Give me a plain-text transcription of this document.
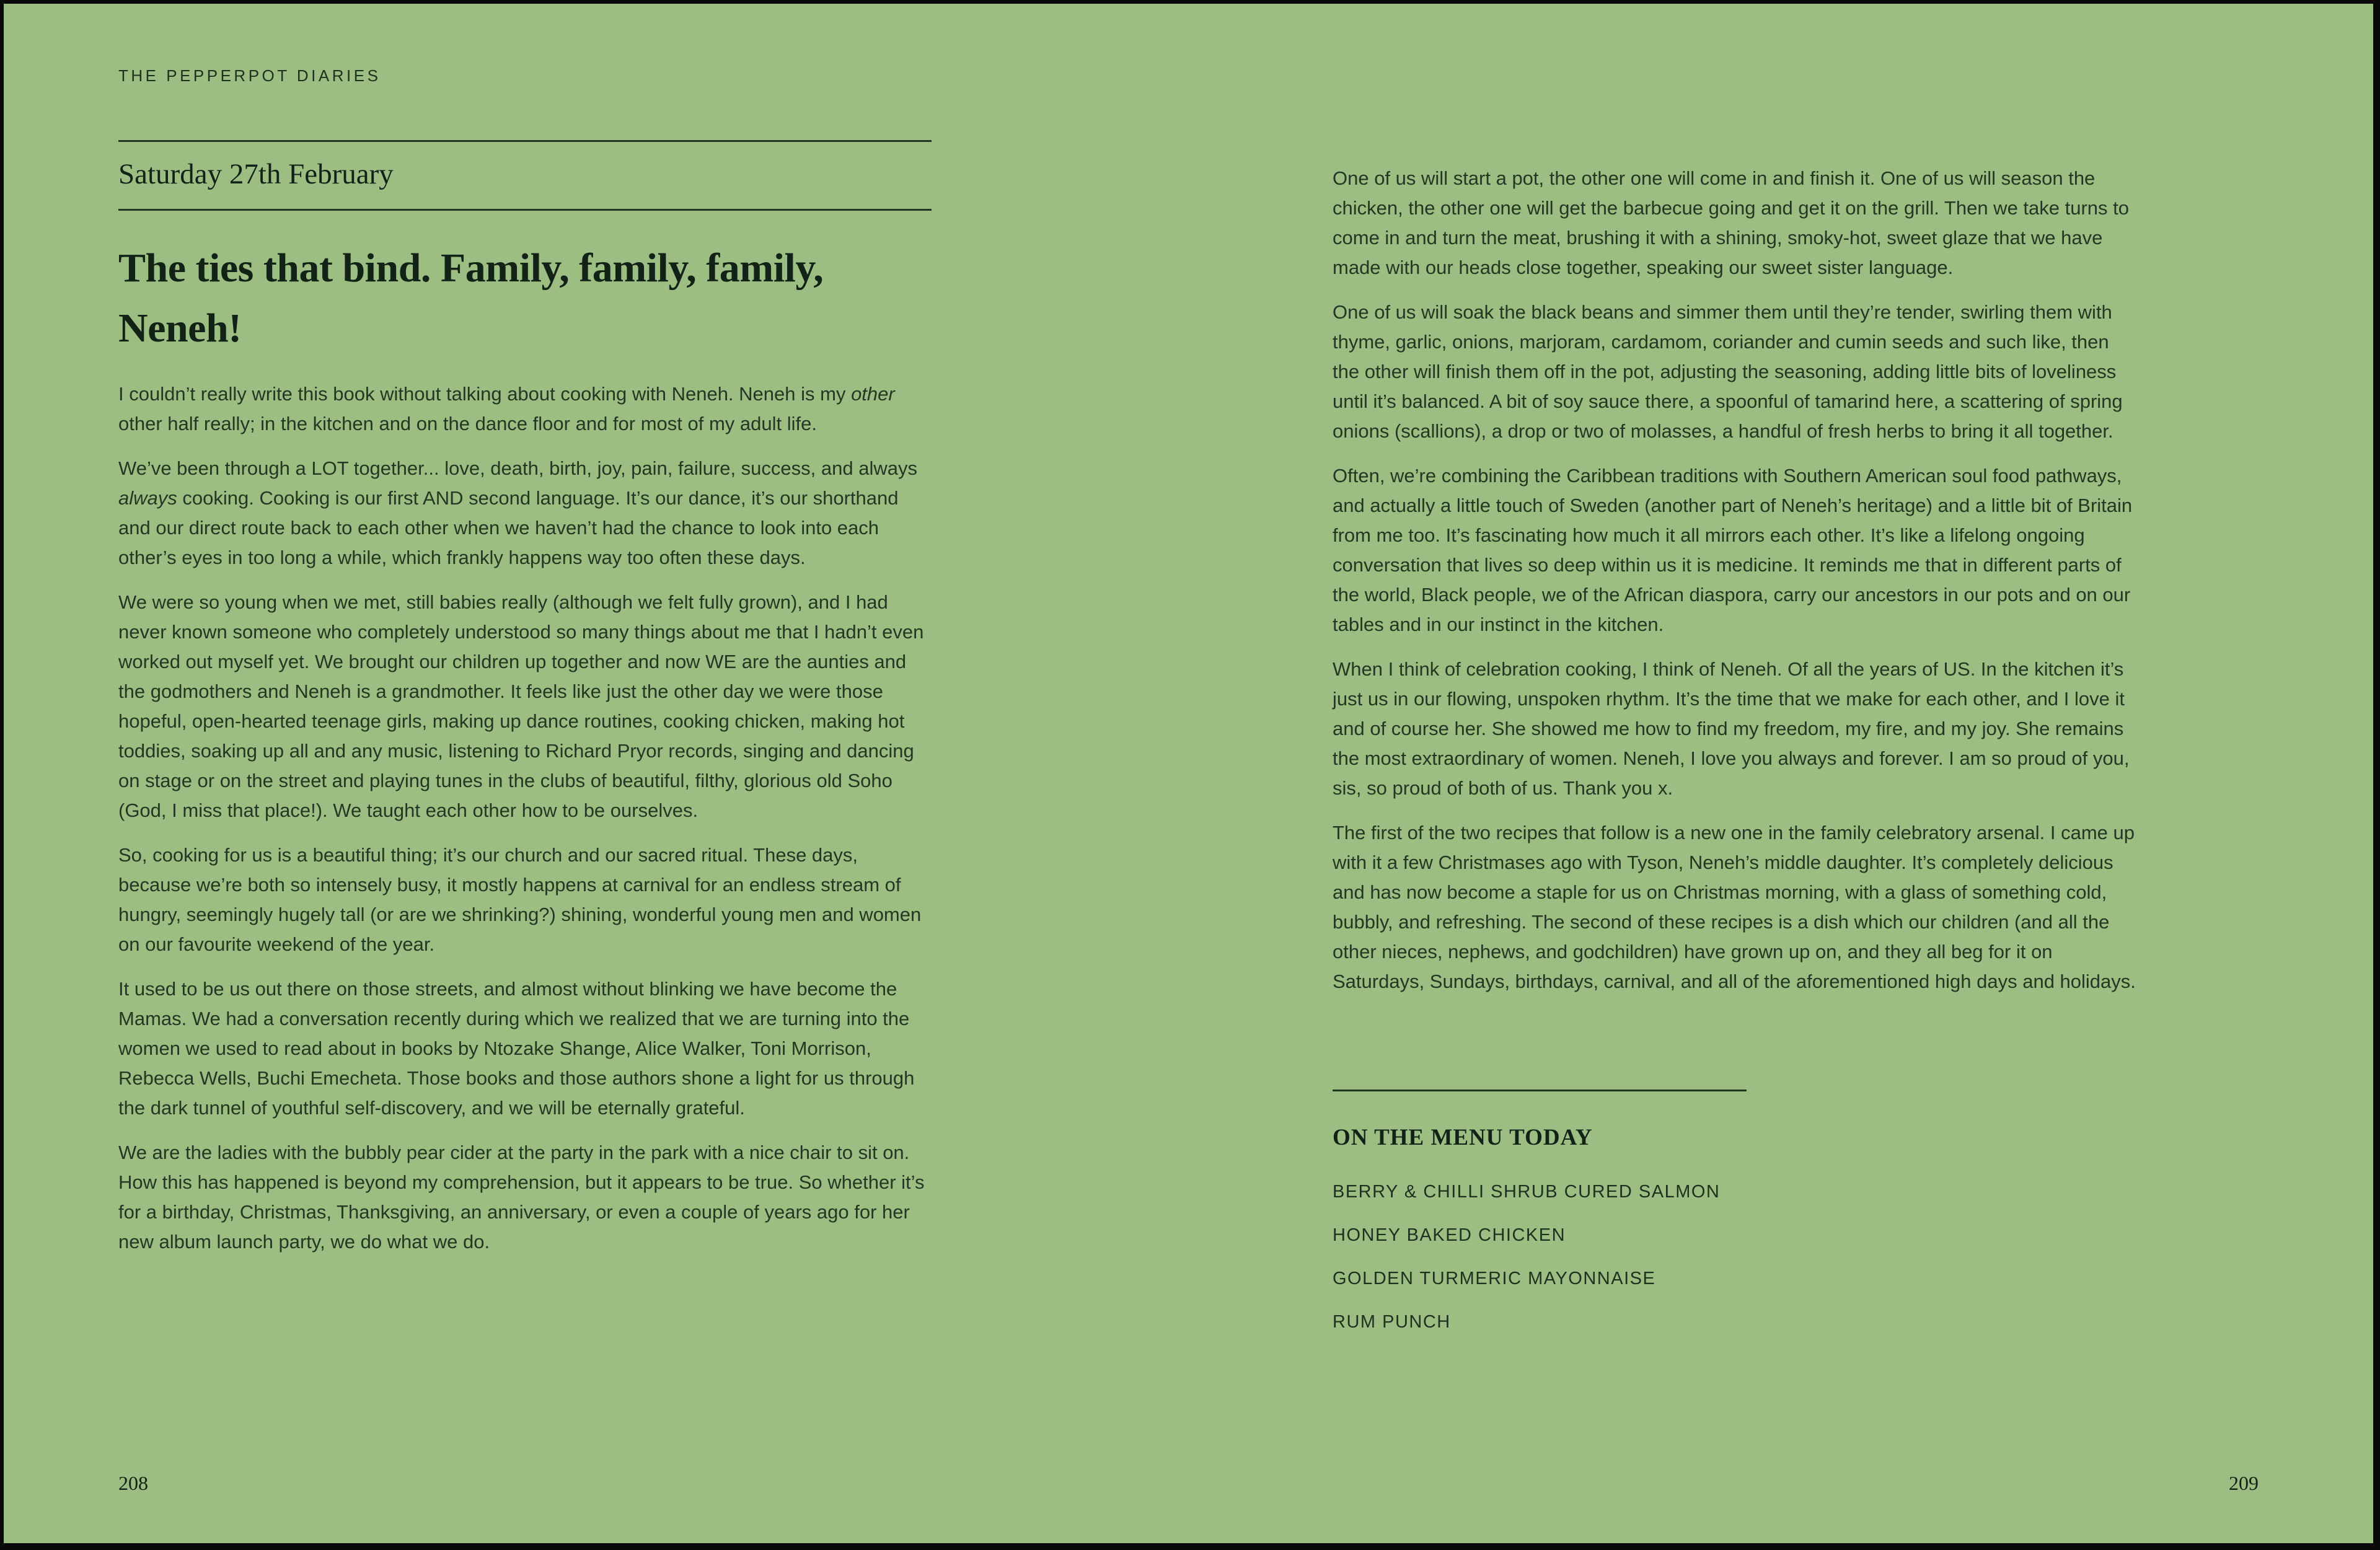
THE PEPPERPOT DIARIES
Saturday 27th February
The ties that bind. Family, family, family,
Neneh!

I couldn’t really write this book without talking about cooking with Neneh. Neneh is my other other half really; in the kitchen and on the dance floor and for most of my adult life.

We’ve been through a LOT together... love, death, birth, joy, pain, failure, success, and always always cooking. Cooking is our first AND second language. It’s our dance, it’s our shorthand and our direct route back to each other when we haven’t had the chance to look into each other’s eyes in too long a while, which frankly happens way too often these days.

We were so young when we met, still babies really (although we felt fully grown), and I had never known someone who completely understood so many things about me that I hadn’t even worked out myself yet. We brought our children up together and now WE are the aunties and the godmothers and Neneh is a grandmother. It feels like just the other day we were those hopeful, open-hearted teenage girls, making up dance routines, cooking chicken, making hot toddies, soaking up all and any music, listening to Richard Pryor records, singing and dancing on stage or on the street and playing tunes in the clubs of beautiful, filthy, glorious old Soho (God, I miss that place!). We taught each other how to be ourselves.

So, cooking for us is a beautiful thing; it’s our church and our sacred ritual. These days, because we’re both so intensely busy, it mostly happens at carnival for an endless stream of hungry, seemingly hugely tall (or are we shrinking?) shining, wonderful young men and women on our favourite weekend of the year.

It used to be us out there on those streets, and almost without blinking we have become the Mamas. We had a conversation recently during which we realized that we are turning into the women we used to read about in books by Ntozake Shange, Alice Walker, Toni Morrison, Rebecca Wells, Buchi Emecheta. Those books and those authors shone a light for us through the dark tunnel of youthful self-discovery, and we will be eternally grateful.

We are the ladies with the bubbly pear cider at the party in the park with a nice chair to sit on. How this has happened is beyond my comprehension, but it appears to be true. So whether it’s for a birthday, Christmas, Thanksgiving, an anniversary, or even a couple of years ago for her new album launch party, we do what we do.

One of us will start a pot, the other one will come in and finish it. One of us will season the chicken, the other one will get the barbecue going and get it on the grill. Then we take turns to come in and turn the meat, brushing it with a shining, smoky-hot, sweet glaze that we have made with our heads close together, speaking our sweet sister language.

One of us will soak the black beans and simmer them until they’re tender, swirling them with thyme, garlic, onions, marjoram, cardamom, coriander and cumin seeds and such like, then the other will finish them off in the pot, adjusting the seasoning, adding little bits of loveliness until it’s balanced. A bit of soy sauce there, a spoonful of tamarind here, a scattering of spring onions (scallions), a drop or two of molasses, a handful of fresh herbs to bring it all together.

Often, we’re combining the Caribbean traditions with Southern American soul food pathways, and actually a little touch of Sweden (another part of Neneh’s heritage) and a little bit of Britain from me too. It’s fascinating how much it all mirrors each other. It’s like a lifelong ongoing conversation that lives so deep within us it is medicine. It reminds me that in different parts of the world, Black people, we of the African diaspora, carry our ancestors in our pots and on our tables and in our instinct in the kitchen.

When I think of celebration cooking, I think of Neneh. Of all the years of US. In the kitchen it’s just us in our flowing, unspoken rhythm. It’s the time that we make for each other, and I love it and of course her. She showed me how to find my freedom, my fire, and my joy. She remains the most extraordinary of women. Neneh, I love you always and forever. I am so proud of you, sis, so proud of both of us. Thank you x.

The first of the two recipes that follow is a new one in the family celebratory arsenal. I came up with it a few Christmases ago with Tyson, Neneh’s middle daughter. It’s completely delicious and has now become a staple for us on Christmas morning, with a glass of something cold, bubbly, and refreshing. The second of these recipes is a dish which our children (and all the other nieces, nephews, and godchildren) have grown up on, and they all beg for it on Saturdays, Sundays, birthdays, carnival, and all of the aforementioned high days and holidays.

ON THE MENU TODAY
BERRY & CHILLI SHRUB CURED SALMON
HONEY BAKED CHICKEN
GOLDEN TURMERIC MAYONNAISE
RUM PUNCH
208	209
